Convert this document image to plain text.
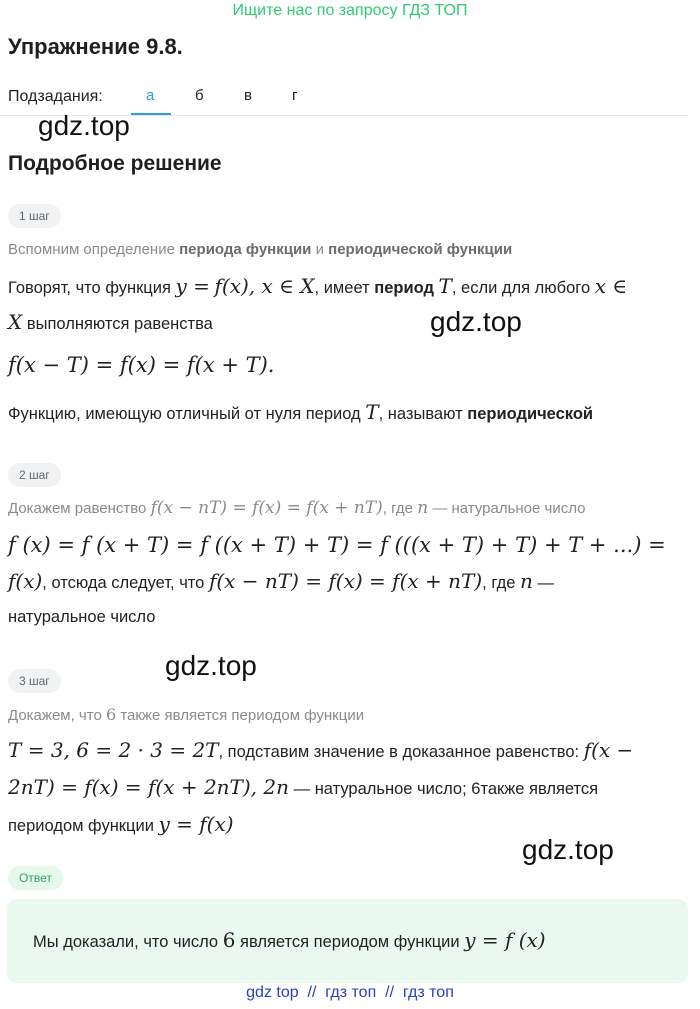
Ищите нас по запросу ГДЗ ТОП
Упражнение 9.8.
Подзадания:	а	б	в	г
gdz.top
gdz.top
gdz.top
gdz.top
Подробное решение
1 шаг
Вспомним определение периода функции и периодической функции
Говорят, что функция y = f(x), x ∈ X, имеет период T, если для любого x ∈
X выполняются равенства
f(x − T) = f(x) = f(x + T).
Функцию, имеющую отличный от нуля период T, называют периодической
2 шаг
Докажем равенство f(x − nT) = f(x) = f(x + nT), где n — натуральное число
f (x) = f (x + T) = f ((x + T) + T) = f (((x + T) + T) + T + ...) =
f(x), отсюда следует, что f(x − nT) = f(x) = f(x + nT), где n —
натуральное число
3 шаг
Докажем, что 6 также является периодом функции
T = 3, 6 = 2 · 3 = 2T, подставим значение в доказанное равенство: f(x −
2nT) = f(x) = f(x + 2nT), 2n — натуральное число; 6также является
периодом функции y = f(x)
Ответ
Мы доказали, что число 6 является периодом функции y = f (x)
gdz top  //  гдз топ  //  гдз топ
